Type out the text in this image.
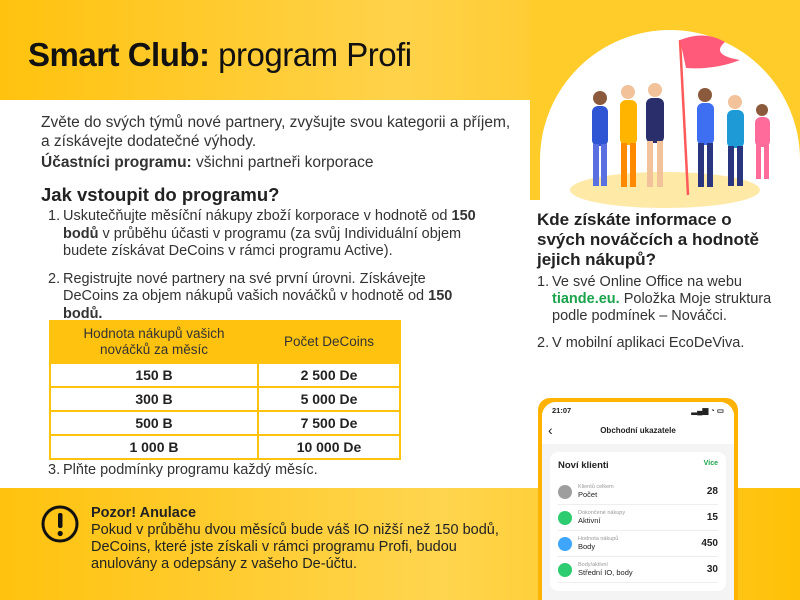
Smart Club: program Profi

Zvěte do svých týmů nové partnery, zvyšujte svou kategorii a příjem, a získávejte dodatečné výhody.

Účastníci programu: všichni partneři korporace

Jak vstoupit do programu?
1. Uskutečňujte měsíční nákupy zboží korporace v hodnotě od 150 bodů v průběhu účasti v programu (za svůj Individuální objem budete získávat DeCoins v rámci programu Active).
2. Registrujte nové partnery na své první úrovni. Získávejte DeCoins za objem nákupů vašich nováčků v hodnotě od 150 bodů.
Hodnota nákupů vašich nováčků za měsíc	Počet DeCoins
150 B	2 500 De
300 B	5 000 De
500 B	7 500 De
1 000 B	10 000 De
3. Plňte podmínky programu každý měsíc.
Pozor! Anulace
Pokud v průběhu dvou měsíců bude váš IO nižší než 150 bodů, DeCoins, které jste získali v rámci programu Profi, budou anulovány a odepsány z vašeho De-účtu.
Kde získáte informace o svých nováčcích a hodnotě jejich nákupů?
1. Ve své Online Office na webu tiande.eu. Položka Moje struktura podle podmínek – Nováčci.
2. V mobilní aplikaci EcoDeViva.
21:07	▂▄▆ ◔ ▭
‹	Obchodní ukazatele
Noví klienti	Více
Klientů celkem
Počet	28
Dokončené nákupy
Aktivní	15
Hodnota nákupů
Body	450
Body/aktivní
Střední IO, body	30
